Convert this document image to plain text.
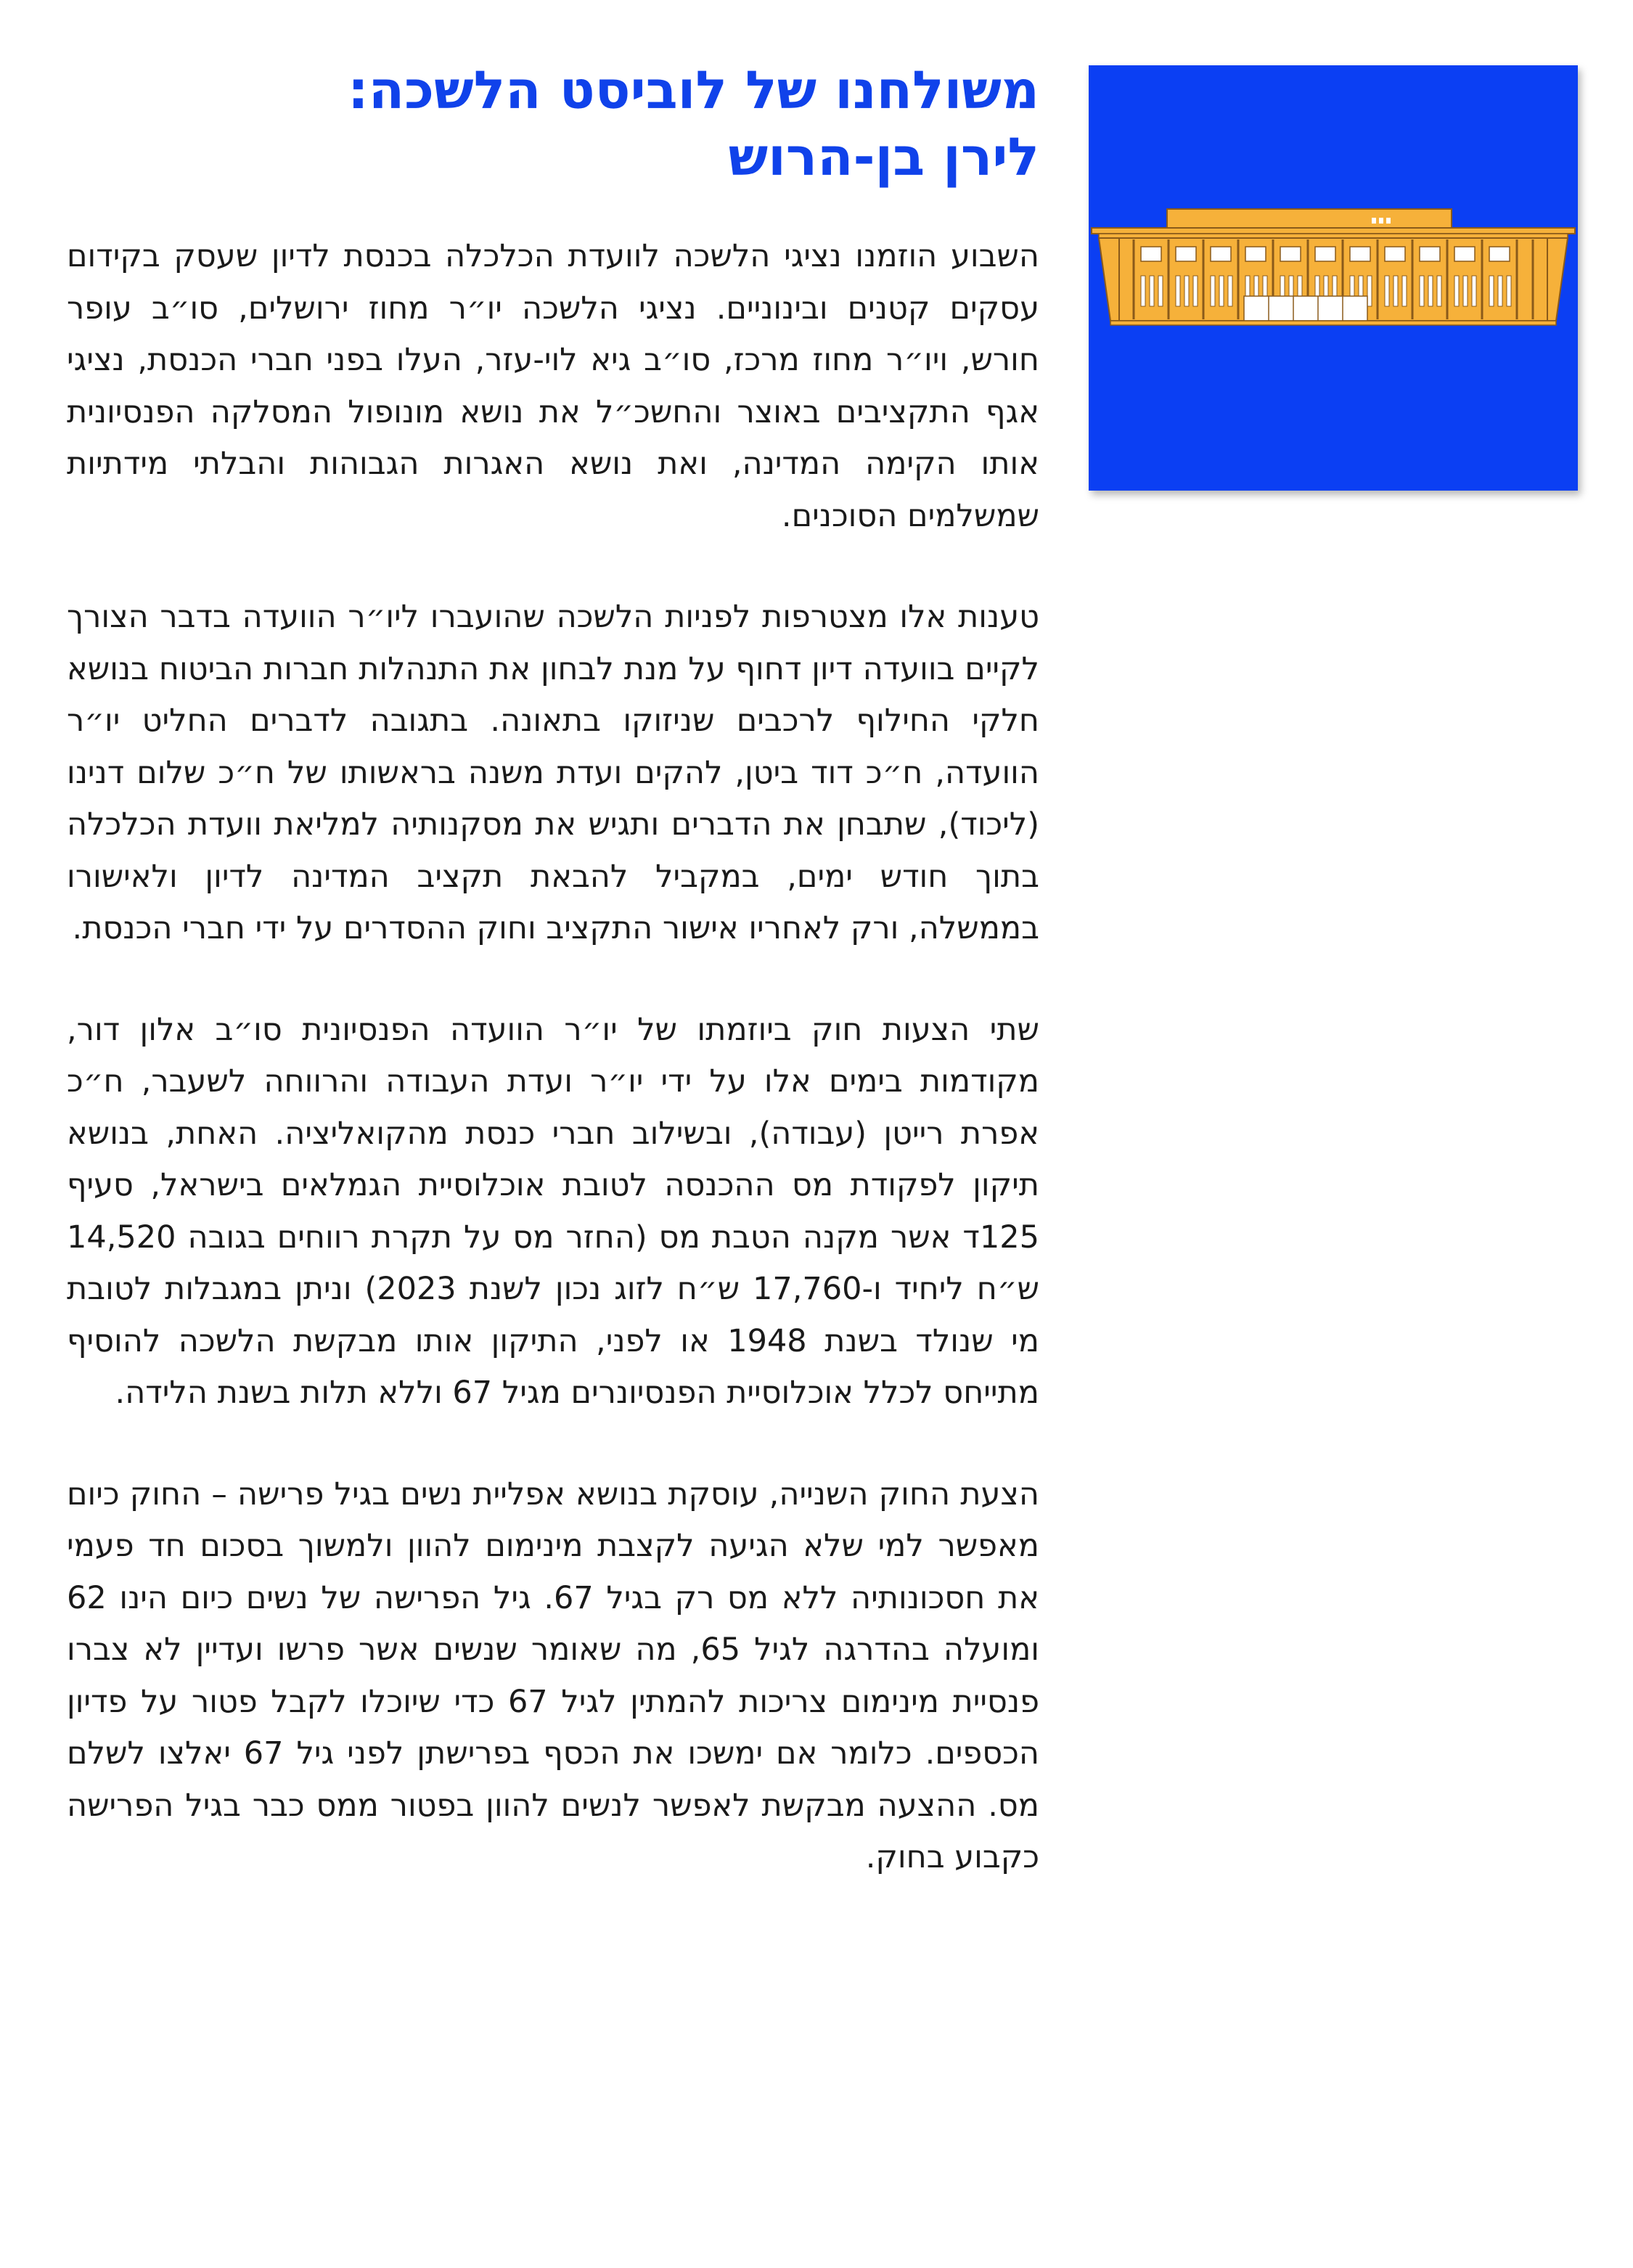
משולחנו של לוביסט הלשכה:
לירן בן-הרוש

השבוע הוזמנו נציגי הלשכה לוועדת הכלכלה בכנסת לדיון שעסק בקידום עסקים קטנים ובינוניים. נציגי הלשכה יו״ר מחוז ירושלים, סו״ב עופר חורש, ויו״ר מחוז מרכז, סו״ב גיא לוי-עזר, העלו בפני חברי הכנסת, נציגי אגף התקציבים באוצר והחשכ״ל את נושא מונופול המסלקה הפנסיונית אותו הקימה המדינה, ואת נושא האגרות הגבוהות והבלתי מידתיות שמשלמים הסוכנים.

טענות אלו מצטרפות לפניות הלשכה שהועברו ליו״ר הוועדה בדבר הצורך לקיים בוועדה דיון דחוף על מנת לבחון את התנהלות חברות הביטוח בנושא חלקי החילוף לרכבים שניזוקו בתאונה. בתגובה לדברים החליט יו״ר הוועדה, ח״כ דוד ביטן, להקים ועדת משנה בראשותו של ח״כ שלום דנינו (ליכוד), שתבחן את הדברים ותגיש את מסקנותיה למליאת וועדת הכלכלה בתוך חודש ימים, במקביל להבאת תקציב המדינה לדיון ולאישורו בממשלה, ורק לאחריו אישור התקציב וחוק ההסדרים על ידי חברי הכנסת.

שתי הצעות חוק ביוזמתו של יו״ר הוועדה הפנסיונית סו״ב אלון דור, מקודמות בימים אלו על ידי יו״ר ועדת העבודה והרווחה לשעבר, ח״כ אפרת רייטן (עבודה), ובשילוב חברי כנסת מהקואליציה. האחת, בנושא תיקון לפקודת מס ההכנסה לטובת אוכלוסיית הגמלאים בישראל, סעיף 125ד אשר מקנה הטבת מס (החזר מס על תקרת רווחים בגובה 14,520 ש״ח ליחיד ו-17,760 ש״ח לזוג נכון לשנת 2023) וניתן במגבלות לטובת מי שנולד בשנת 1948 או לפני, התיקון אותו מבקשת הלשכה להוסיף מתייחס לכלל אוכלוסיית הפנסיונרים מגיל 67 וללא תלות בשנת הלידה.

הצעת החוק השנייה, עוסקת בנושא אפליית נשים בגיל פרישה – החוק כיום מאפשר למי שלא הגיעה לקצבת מינימום להוון ולמשוך בסכום חד פעמי את חסכונותיה ללא מס רק בגיל 67. גיל הפרישה של נשים כיום הינו 62 ומועלה בהדרגה לגיל 65, מה שאומר שנשים אשר פרשו ועדיין לא צברו פנסיית מינימום צריכות להמתין לגיל 67 כדי שיוכלו לקבל פטור על פדיון הכספים. כלומר אם ימשכו את הכסף בפרישתן לפני גיל 67 יאלצו לשלם מס. ההצעה מבקשת לאפשר לנשים להוון בפטור ממס כבר בגיל הפרישה כקבוע בחוק.
